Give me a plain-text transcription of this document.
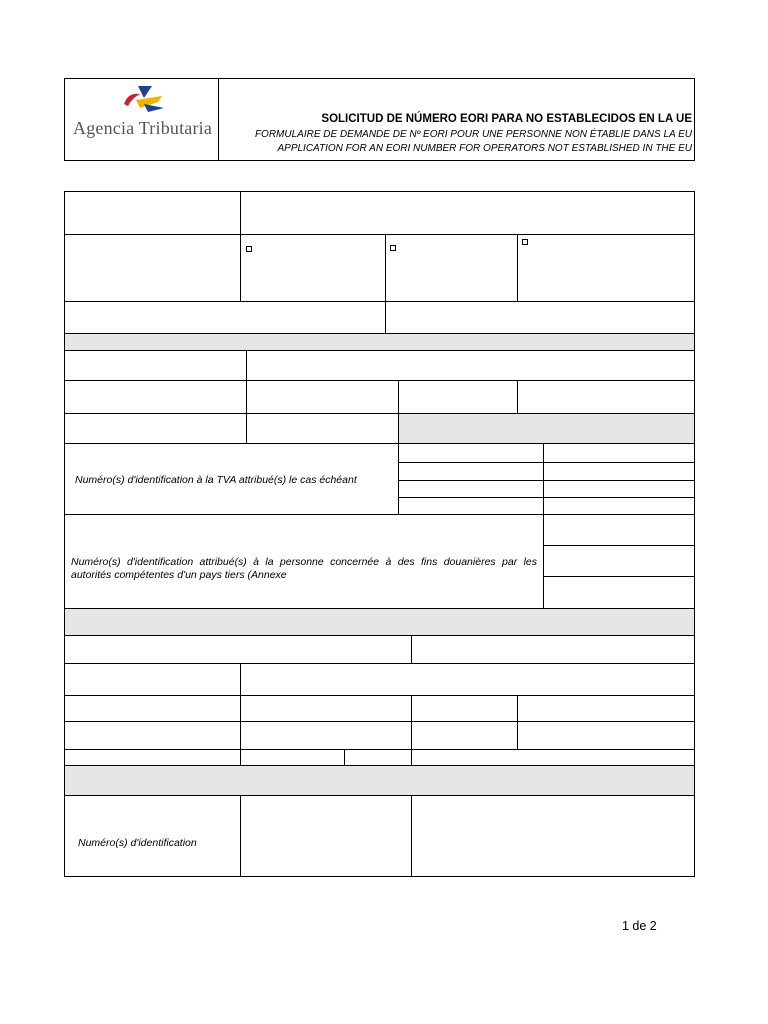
Agencia Tributaria	SOLICITUD DE NÚMERO EORI PARA NO ESTABLECIDOS EN LA UE
FORMULAIRE DE DEMANDE DE Nº EORI POUR UNE PERSONNE NON ÉTABLIE DANS LA EU
APPLICATION FOR AN EORI NUMBER FOR OPERATORS NOT ESTABLISHED IN THE EU
Numéro(s) d'identification à la TVA attribué(s) le cas échéant
Numéro(s) d'identification attribué(s) à la personne concernée à des fins douanières par les autorités compétentes d'un pays tiers (Annexe
Numéro(s) d'identification
1 de 2
